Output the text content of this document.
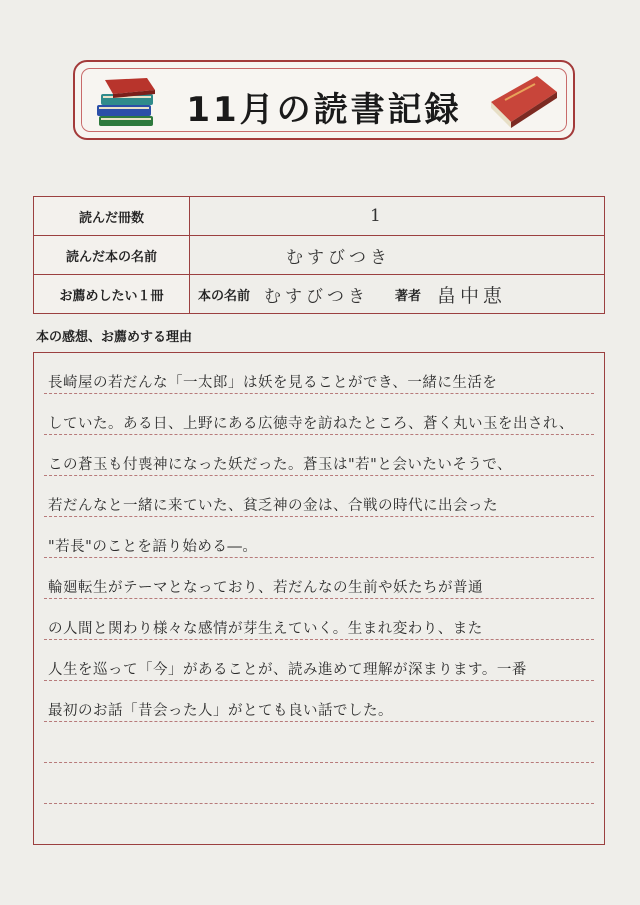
11月の読書記録
読んだ冊数	1

読んだ本の名前	むすびつき

お薦めしたい１冊	本の名前 むすびつき 著者 畠中恵
本の感想、お薦めする理由
長崎屋の若だんな「一太郎」は妖を見ることができ、一緒に生活を
していた。ある日、上野にある広徳寺を訪ねたところ、蒼く丸い玉を出され、
この蒼玉も付喪神になった妖だった。蒼玉は"若"と会いたいそうで、
若だんなと一緒に来ていた、貧乏神の金は、合戦の時代に出会った
"若長"のことを語り始める―。
輪廻転生がテーマとなっており、若だんなの生前や妖たちが普通
の人間と関わり様々な感情が芽生えていく。生まれ変わり、また
人生を巡って「今」があることが、読み進めて理解が深まります。一番
最初のお話「昔会った人」がとても良い話でした。
